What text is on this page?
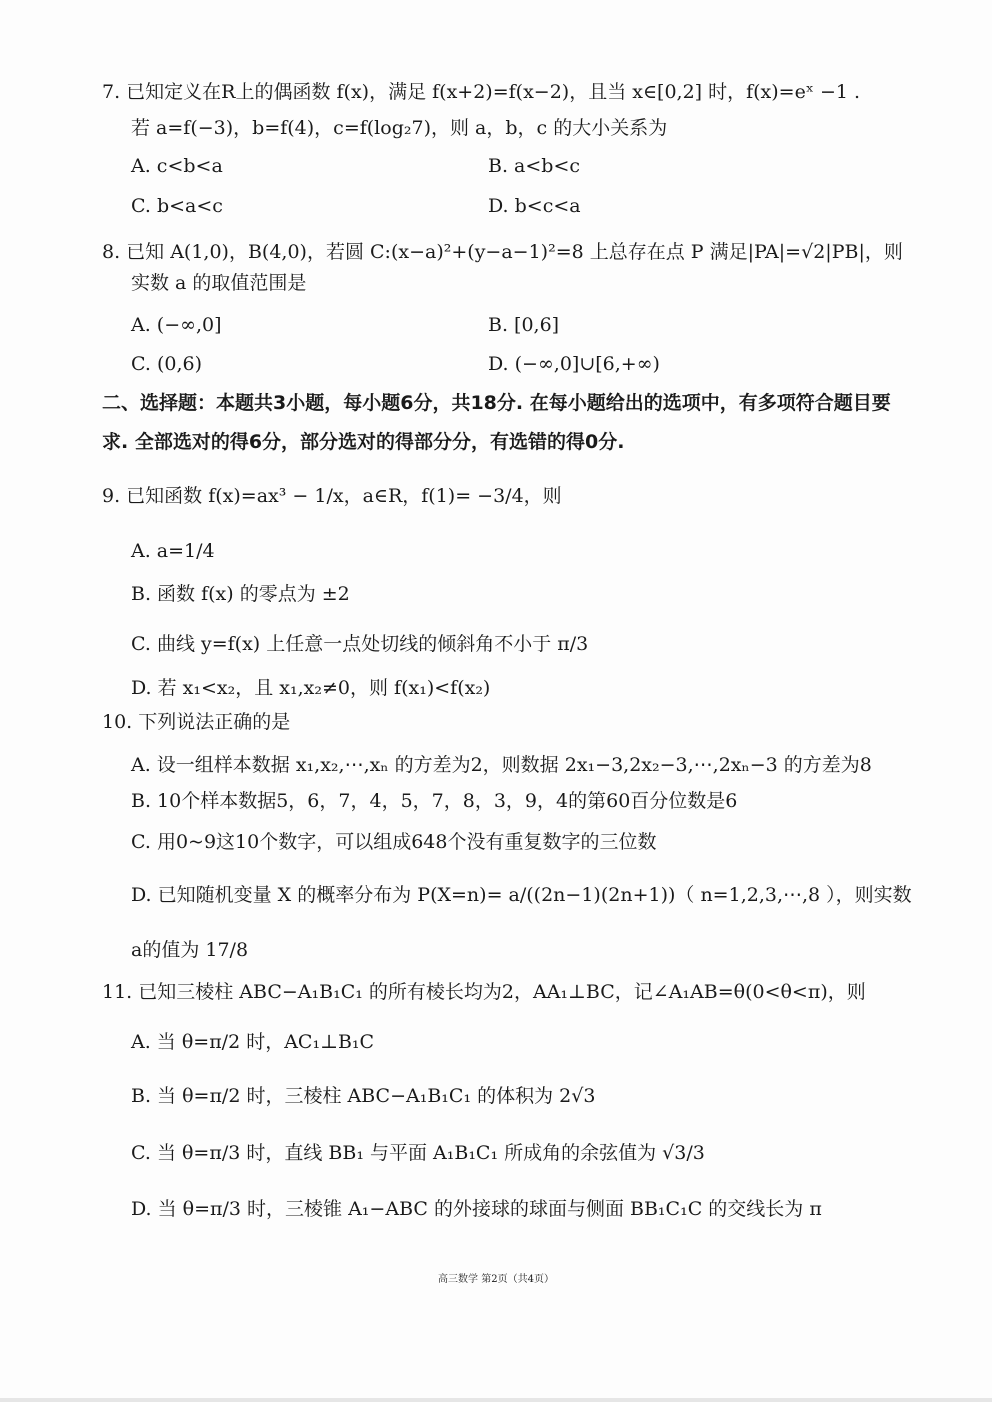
7. 已知定义在R上的偶函数 f(x)，满足 f(x+2)=f(x−2)，且当 x∈[0,2] 时，f(x)=eˣ −1 .
若 a=f(−3)，b=f(4)，c=f(log₂7)，则 a，b，c 的大小关系为
A. c<b<a	B. a<b<c
C. b<a<c	D. b<c<a
8. 已知 A(1,0)，B(4,0)，若圆 C:(x−a)²+(y−a−1)²=8 上总存在点 P 满足|PA|=√2|PB|，则
实数 a 的取值范围是
A. (−∞,0]	B. [0,6]
C. (0,6)	D. (−∞,0]∪[6,+∞)
二、选择题：本题共3小题，每小题6分，共18分. 在每小题给出的选项中，有多项符合题目要
求. 全部选对的得6分，部分选对的得部分分，有选错的得0分.
9. 已知函数 f(x)=ax³ − 1/x，a∈R，f(1)= −3/4，则
A. a=1/4
B. 函数 f(x) 的零点为 ±2
C. 曲线 y=f(x) 上任意一点处切线的倾斜角不小于 π/3
D. 若 x₁<x₂，且 x₁,x₂≠0，则 f(x₁)<f(x₂)
10. 下列说法正确的是
A. 设一组样本数据 x₁,x₂,⋯,xₙ 的方差为2，则数据 2x₁−3,2x₂−3,⋯,2xₙ−3 的方差为8
B. 10个样本数据5，6，7，4，5，7，8，3，9，4的第60百分位数是6
C. 用0~9这10个数字，可以组成648个没有重复数字的三位数
D. 已知随机变量 X 的概率分布为 P(X=n)= a/((2n−1)(2n+1))（ n=1,2,3,⋯,8 ），则实数
a的值为 17/8
11. 已知三棱柱 ABC−A₁B₁C₁ 的所有棱长均为2，AA₁⊥BC，记∠A₁AB=θ(0<θ<π)，则
A. 当 θ=π/2 时，AC₁⊥B₁C
B. 当 θ=π/2 时，三棱柱 ABC−A₁B₁C₁ 的体积为 2√3
C. 当 θ=π/3 时，直线 BB₁ 与平面 A₁B₁C₁ 所成角的余弦值为 √3/3
D. 当 θ=π/3 时，三棱锥 A₁−ABC 的外接球的球面与侧面 BB₁C₁C 的交线长为 π
高三数学 第2页（共4页）
